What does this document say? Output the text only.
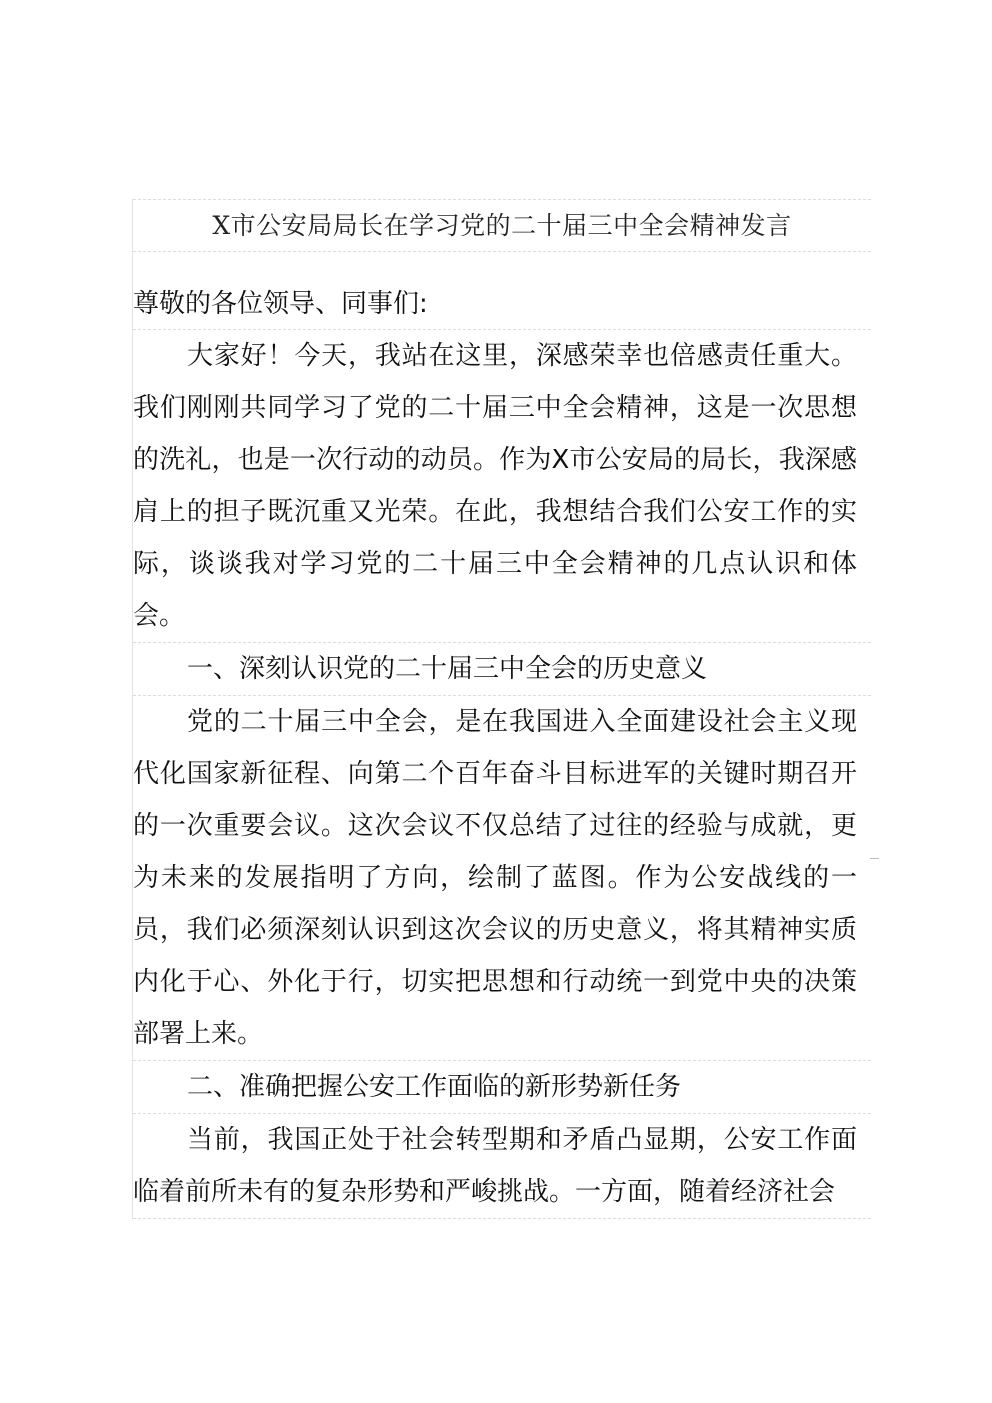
X市公安局局长在学习党的二十届三中全会精神发言
尊敬的各位领导、同事们:
大家好！今天，我站在这里，深感荣幸也倍感责任重大。我们刚刚共同学习了党的二十届三中全会精神，这是一次思想的洗礼，也是一次行动的动员。作为X市公安局的局长，我深感肩上的担子既沉重又光荣。在此，我想结合我们公安工作的实际，谈谈我对学习党的二十届三中全会精神的几点认识和体会。
一、深刻认识党的二十届三中全会的历史意义
党的二十届三中全会，是在我国进入全面建设社会主义现代化国家新征程、向第二个百年奋斗目标进军的关键时期召开的一次重要会议。这次会议不仅总结了过往的经验与成就，更为未来的发展指明了方向，绘制了蓝图。作为公安战线的一员，我们必须深刻认识到这次会议的历史意义，将其精神实质内化于心、外化于行，切实把思想和行动统一到党中央的决策部署上来。
二、准确把握公安工作面临的新形势新任务
当前，我国正处于社会转型期和矛盾凸显期，公安工作面临着前所未有的复杂形势和严峻挑战。一方面，随着经济社会
